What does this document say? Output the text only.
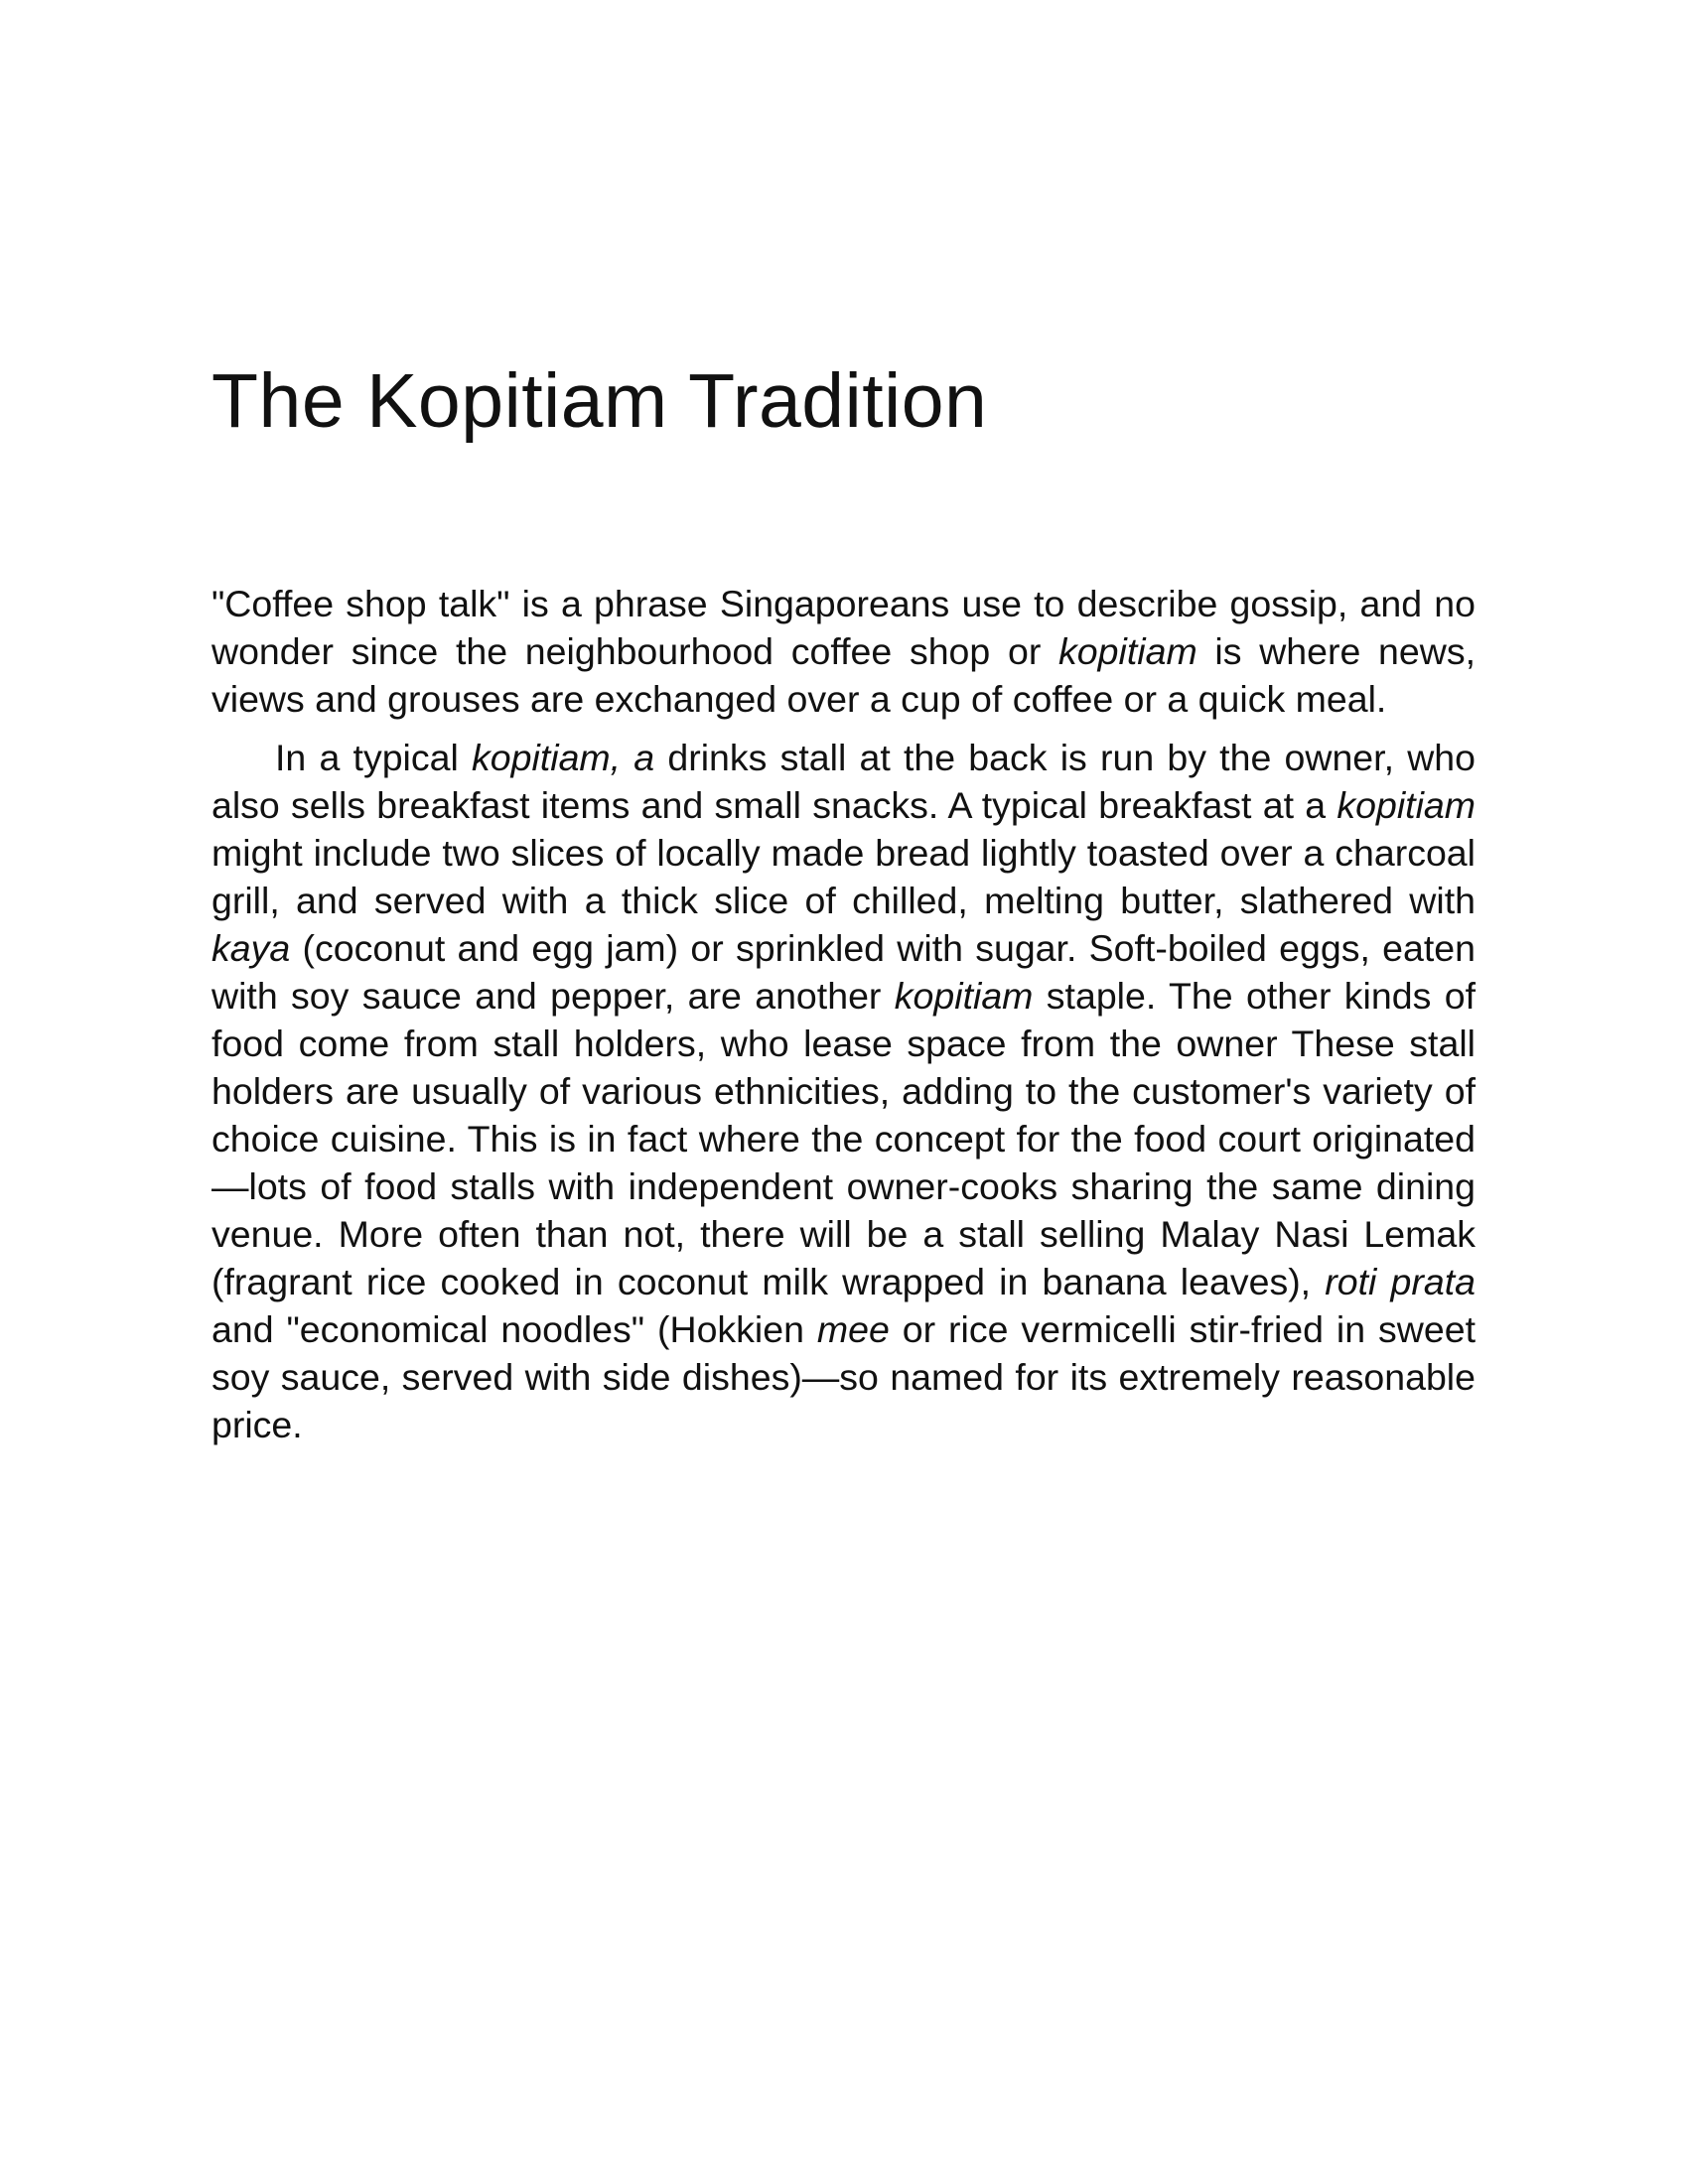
The Kopitiam Tradition

"Coffee shop talk" is a phrase Singaporeans use to describe gossip, and no wonder since the neighbourhood coffee shop or kopitiam is where news, views and grouses are exchanged over a cup of coffee or a quick meal.

In a typical kopitiam, a drinks stall at the back is run by the owner, who also sells breakfast items and small snacks. A typical breakfast at a kopitiam might include two slices of locally made bread lightly toasted over a charcoal grill, and served with a thick slice of chilled, melting butter, slathered with kaya (coconut and egg jam) or sprinkled with sugar. Soft-boiled eggs, eaten with soy sauce and pepper, are another kopitiam staple. The other kinds of food come from stall holders, who lease space from the owner These stall holders are usually of various ethnicities, adding to the customer's variety of choice cuisine. This is in fact where the concept for the food court originated—lots of food stalls with independent owner-cooks sharing the same dining venue. More often than not, there will be a stall selling Malay Nasi Lemak (fragrant rice cooked in coconut milk wrapped in banana leaves), roti prata and "economical noodles" (Hokkien mee or rice vermicelli stir-fried in sweet soy sauce, served with side dishes)—so named for its extremely reasonable price.
